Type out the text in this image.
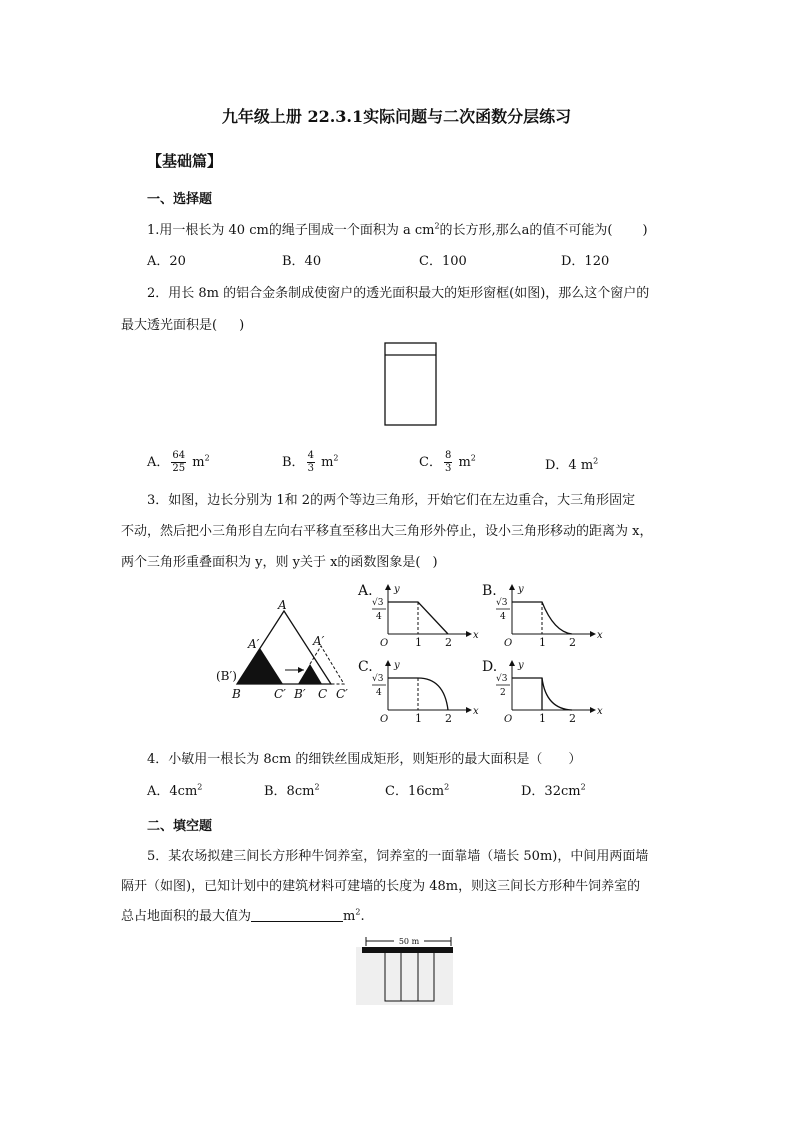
九年级上册 22.3.1实际问题与二次函数分层练习
【基础篇】
一、选择题
1.用一根长为 40 cm的绳子围成一个面积为 a $cm^2$的长方形,那么a的值不可能为( )
A．20	B．40	C．100	D．120
2．用长 8m 的铝合金条制成使窗户的透光面积最大的矩形窗框(如图)，那么这个窗户的
最大透光面积是( )
A． $\frac{64}{25} m^2$	B． $\frac{4}{3} m^2$	C． $\frac{8}{3} m^2$	D．4 $m^2$
3．如图，边长分别为 1和 2的两个等边三角形，开始它们在左边重合，大三角形固定
不动，然后把小三角形自左向右平移直至移出大三角形外停止，设小三角形移动的距离为 x，
两个三角形重叠面积为 y，则 y关于 x的函数图象是( )
A
A′	A′
(B′)
B	C′ B′ C C′
A. y
√3
4
O 1 2
x
B. y
√3
4
O 1 2
x
C. y
√3
4
O 1 2
x
D. y
√3
2
O 1 2
x
4．小敏用一根长为 8cm 的细铁丝围成矩形，则矩形的最大面积是（　　）
A．$4cm^2$	B．$8cm^2$	C．$16cm^2$	D．$32cm^2$
二、填空题
5．某农场拟建三间长方形种牛饲养室，饲养室的一面靠墙（墙长 50m)，中间用两面墙
隔开（如图)，已知计划中的建筑材料可建墙的长度为 48m，则这三间长方形种牛饲养室的
总占地面积的最大值为	$m^2$.
50 m
